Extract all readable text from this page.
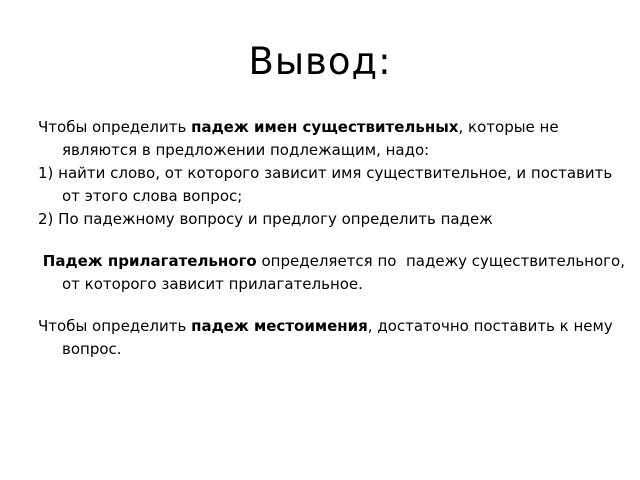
Вывод:

Чтобы определить падеж имен существительных, которые не являются в предложении подлежащим, надо:

1) найти слово, от которого зависит имя существительное, и поставить от этого слова вопрос;

2) По падежному вопросу и предлогу определить падеж

Падеж прилагательного определяется по  падежу существительного, от которого зависит прилагательное.

Чтобы определить падеж местоимения, достаточно поставить к нему вопрос.
